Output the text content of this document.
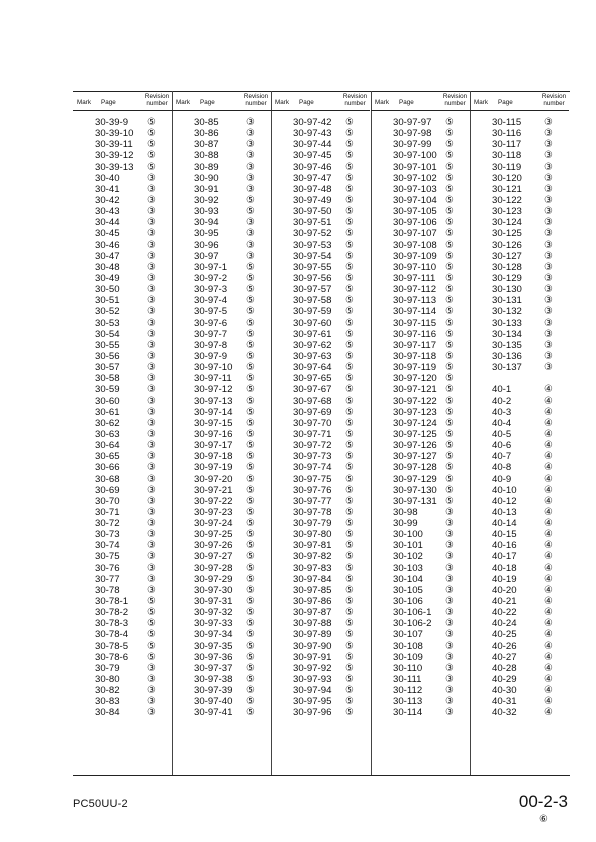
Mark Page
Revision number
30-39-9 ⑤
30-39-10 ⑤
30-39-11 ⑤
30-39-12 ⑤
30-39-13 ⑤
30-40	③
30-41	③
30-42	③
30-43	③
30-44	③
30-45	③
30-46	③
30-47	③
30-48	③
30-49	③
30-50	③
30-51	③
30-52	③
30-53	③
30-54	③
30-55	③
30-56	③
30-57	③
30-58	③
30-59	③
30-60	③
30-61	③
30-62	③
30-63	③
30-64	③
30-65	③
30-66	③
30-68	③
30-69	③
30-70	③
30-71	③
30-72	③
30-73	③
30-74	③
30-75	③
30-76	③
30-77	③
30-78	③
30-78-1 ⑤
30-78-2 ⑤
30-78-3 ⑤
30-78-4 ⑤
30-78-5 ⑤
30-78-6 ⑤
30-79	③
30-80	③
30-82	③
30-83	③
30-84	③
Mark Page
Revision number
30-85	③
30-86	③
30-87	③
30-88	③
30-89	③
30-90	③
30-91	③
30-92	⑤
30-93	⑤
30-94	③
30-95	③
30-96	③
30-97	③
30-97-1 ⑤
30-97-2 ⑤
30-97-3 ⑤
30-97-4 ⑤
30-97-5 ⑤
30-97-6 ⑤
30-97-7 ⑤
30-97-8 ⑤
30-97-9 ⑤
30-97-10 ⑤
30-97-11 ⑤
30-97-12 ⑤
30-97-13 ⑤
30-97-14 ⑤
30-97-15 ⑤
30-97-16 ⑤
30-97-17 ⑤
30-97-18 ⑤
30-97-19 ⑤
30-97-20 ⑤
30-97-21 ⑤
30-97-22 ⑤
30-97-23 ⑤
30-97-24 ⑤
30-97-25 ⑤
30-97-26 ⑤
30-97-27 ⑤
30-97-28 ⑤
30-97-29 ⑤
30-97-30 ⑤
30-97-31 ⑤
30-97-32 ⑤
30-97-33 ⑤
30-97-34 ⑤
30-97-35 ⑤
30-97-36 ⑤
30-97-37 ⑤
30-97-38 ⑤
30-97-39 ⑤
30-97-40 ⑤
30-97-41 ⑤
Mark Page
Revision number
30-97-42 ⑤
30-97-43 ⑤
30-97-44 ⑤
30-97-45 ⑤
30-97-46 ⑤
30-97-47 ⑤
30-97-48 ⑤
30-97-49 ⑤
30-97-50 ⑤
30-97-51 ⑤
30-97-52 ⑤
30-97-53 ⑤
30-97-54 ⑤
30-97-55 ⑤
30-97-56 ⑤
30-97-57 ⑤
30-97-58 ⑤
30-97-59 ⑤
30-97-60 ⑤
30-97-61 ⑤
30-97-62 ⑤
30-97-63 ⑤
30-97-64 ⑤
30-97-65 ⑤
30-97-67 ⑤
30-97-68 ⑤
30-97-69 ⑤
30-97-70 ⑤
30-97-71 ⑤
30-97-72 ⑤
30-97-73 ⑤
30-97-74 ⑤
30-97-75 ⑤
30-97-76 ⑤
30-97-77 ⑤
30-97-78 ⑤
30-97-79 ⑤
30-97-80 ⑤
30-97-81 ⑤
30-97-82 ⑤
30-97-83 ⑤
30-97-84 ⑤
30-97-85 ⑤
30-97-86 ⑤
30-97-87 ⑤
30-97-88 ⑤
30-97-89 ⑤
30-97-90 ⑤
30-97-91 ⑤
30-97-92 ⑤
30-97-93 ⑤
30-97-94 ⑤
30-97-95 ⑤
30-97-96 ⑤
Mark Page
Revision number
30-97-97 ⑤
30-97-98 ⑤
30-97-99 ⑤
30-97-100 ⑤
30-97-101 ⑤
30-97-102 ⑤
30-97-103 ⑤
30-97-104 ⑤
30-97-105 ⑤
30-97-106 ⑤
30-97-107 ⑤
30-97-108 ⑤
30-97-109 ⑤
30-97-110 ⑤
30-97-111 ⑤
30-97-112 ⑤
30-97-113 ⑤
30-97-114 ⑤
30-97-115 ⑤
30-97-116 ⑤
30-97-117 ⑤
30-97-118 ⑤
30-97-119 ⑤
30-97-120 ⑤
30-97-121 ⑤
30-97-122 ⑤
30-97-123 ⑤
30-97-124 ⑤
30-97-125 ⑤
30-97-126 ⑤
30-97-127 ⑤
30-97-128 ⑤
30-97-129 ⑤
30-97-130 ⑤
30-97-131 ⑤
30-98	③
30-99	③
30-100 ③
30-101 ③
30-102 ③
30-103 ③
30-104 ③
30-105 ③
30-106 ③
30-106-1 ③
30-106-2 ③
30-107 ③
30-108 ③
30-109 ③
30-110 ③
30-111 ③
30-112 ③
30-113 ③
30-114 ③
Mark Page
Revision number
30-115 ③
30-116 ③
30-117 ③
30-118 ③
30-119 ③
30-120 ③
30-121 ③
30-122 ③
30-123 ③
30-124 ③
30-125 ③
30-126 ③
30-127 ③
30-128 ③
30-129 ③
30-130 ③
30-131 ③
30-132 ③
30-133 ③
30-134 ③
30-135 ③
30-136 ③
30-137 ③
40-1	④
40-2	④
40-3	④
40-4	④
40-5	④
40-6	④
40-7	④
40-8	④
40-9	④
40-10	④
40-12	④
40-13	④
40-14	④
40-15	④
40-16	④
40-17	④
40-18	④
40-19	④
40-20	④
40-21	④
40-22	④
40-24	④
40-25	④
40-26	④
40-27	④
40-28	④
40-29	④
40-30	④
40-31	④
40-32	④
PC50UU-2	00-2-3
⑥
